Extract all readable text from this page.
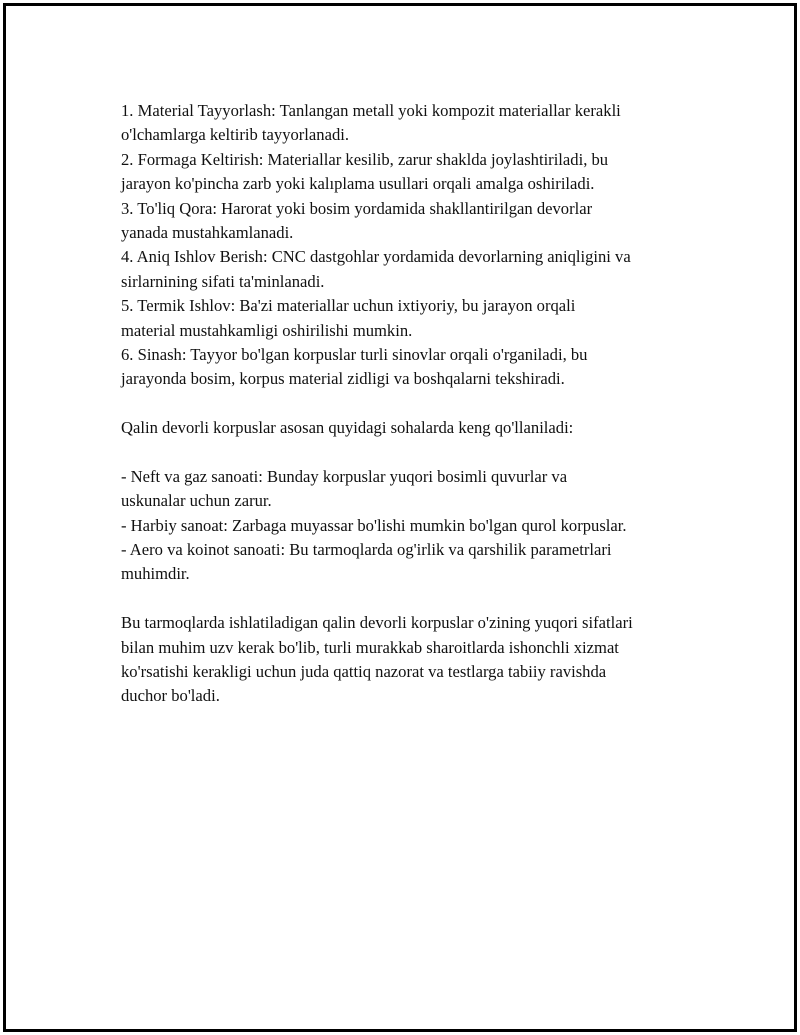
1. Material Tayyorlash: Tanlangan metall yoki kompozit materiallar kerakli
o'lchamlarga keltirib tayyorlanadi.
2. Formaga Keltirish: Materiallar kesilib, zarur shaklda joylashtiriladi, bu
jarayon ko'pincha zarb yoki kalıplama usullari orqali amalga oshiriladi.
3. To'liq Qora: Harorat yoki bosim yordamida shakllantirilgan devorlar
yanada mustahkamlanadi.
4. Aniq Ishlov Berish: CNC dastgohlar yordamida devorlarning aniqligini va
sirlarnining sifati ta'minlanadi.
5. Termik Ishlov: Ba'zi materiallar uchun ixtiyoriy, bu jarayon orqali
material mustahkamligi oshirilishi mumkin.
6. Sinash: Tayyor bo'lgan korpuslar turli sinovlar orqali o'rganiladi, bu
jarayonda bosim, korpus material zidligi va boshqalarni tekshiradi.
Qalin devorli korpuslar asosan quyidagi sohalarda keng qo'llaniladi:
- Neft va gaz sanoati: Bunday korpuslar yuqori bosimli quvurlar va
uskunalar uchun zarur.
- Harbiy sanoat: Zarbaga muyassar bo'lishi mumkin bo'lgan qurol korpuslar.
- Aero va koinot sanoati: Bu tarmoqlarda og'irlik va qarshilik parametrlari
muhimdir.
Bu tarmoqlarda ishlatiladigan qalin devorli korpuslar o'zining yuqori sifatlari
bilan muhim uzv kerak bo'lib, turli murakkab sharoitlarda ishonchli xizmat
ko'rsatishi kerakligi uchun juda qattiq nazorat va testlarga tabiiy ravishda
duchor bo'ladi.
